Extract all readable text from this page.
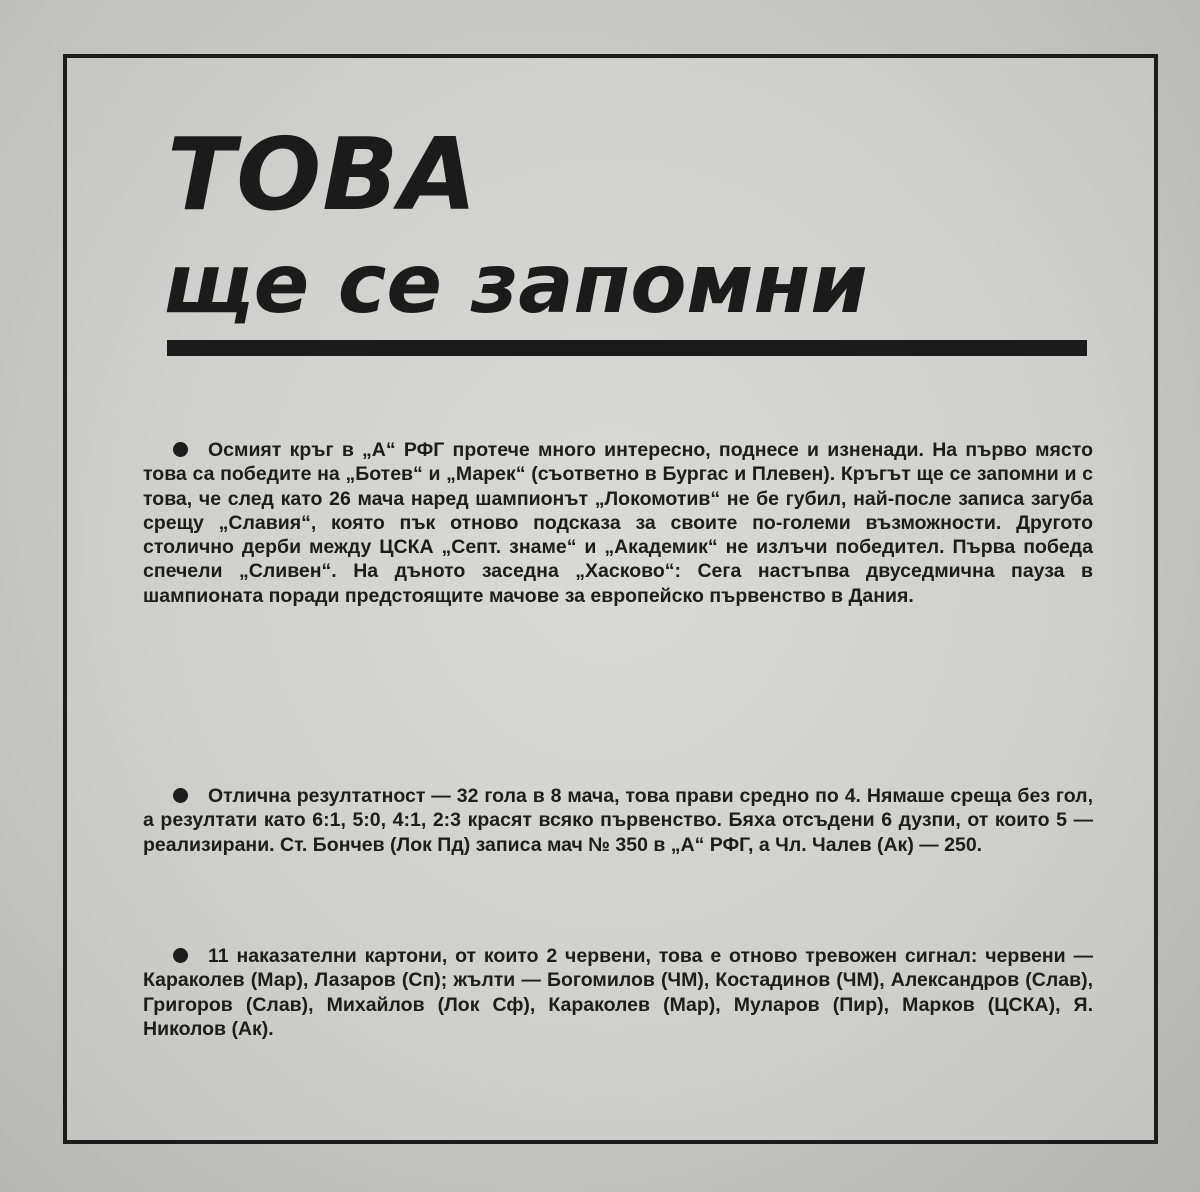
ТОВА
ще се запомни

Осмият кръг в „А“ РФГ протече много интересно, поднесе и изненади. На първо място това са победите на „Ботев“ и „Марек“ (съответно в Бургас и Плевен). Кръгът ще се запомни и с това, че след като 26 мача наред шампионът „Локомотив“ не бе губил, най-после записа загуба срещу „Славия“, която пък отново подсказа за своите по-големи възможности. Другото столично дерби между ЦСКА „Септ. знаме“ и „Академик“ не излъчи победител. Първа победа спечели „Сливен“. На дъното заседна „Хасково“: Сега настъпва двуседмична пауза в шампионата поради предстоящите мачове за европейско първенство в Дания.

Отлична резултатност — 32 гола в 8 мача, това прави средно по 4. Нямаше среща без гол, а резултати като 6:1, 5:0, 4:1, 2:3 красят всяко първенство. Бяха отсъдени 6 дузпи, от които 5 — реализирани. Ст. Бончев (Лок Пд) записа мач № 350 в „А“ РФГ, а Чл. Чалев (Ак) — 250.

11 наказателни картони, от които 2 червени, това е отново тревожен сигнал: червени — Караколев (Мар), Лазаров (Сп); жълти — Богомилов (ЧМ), Костадинов (ЧМ), Александров (Слав), Григоров (Слав), Михайлов (Лок Сф), Караколев (Мар), Муларов (Пир), Марков (ЦСКА), Я. Николов (Ак).
